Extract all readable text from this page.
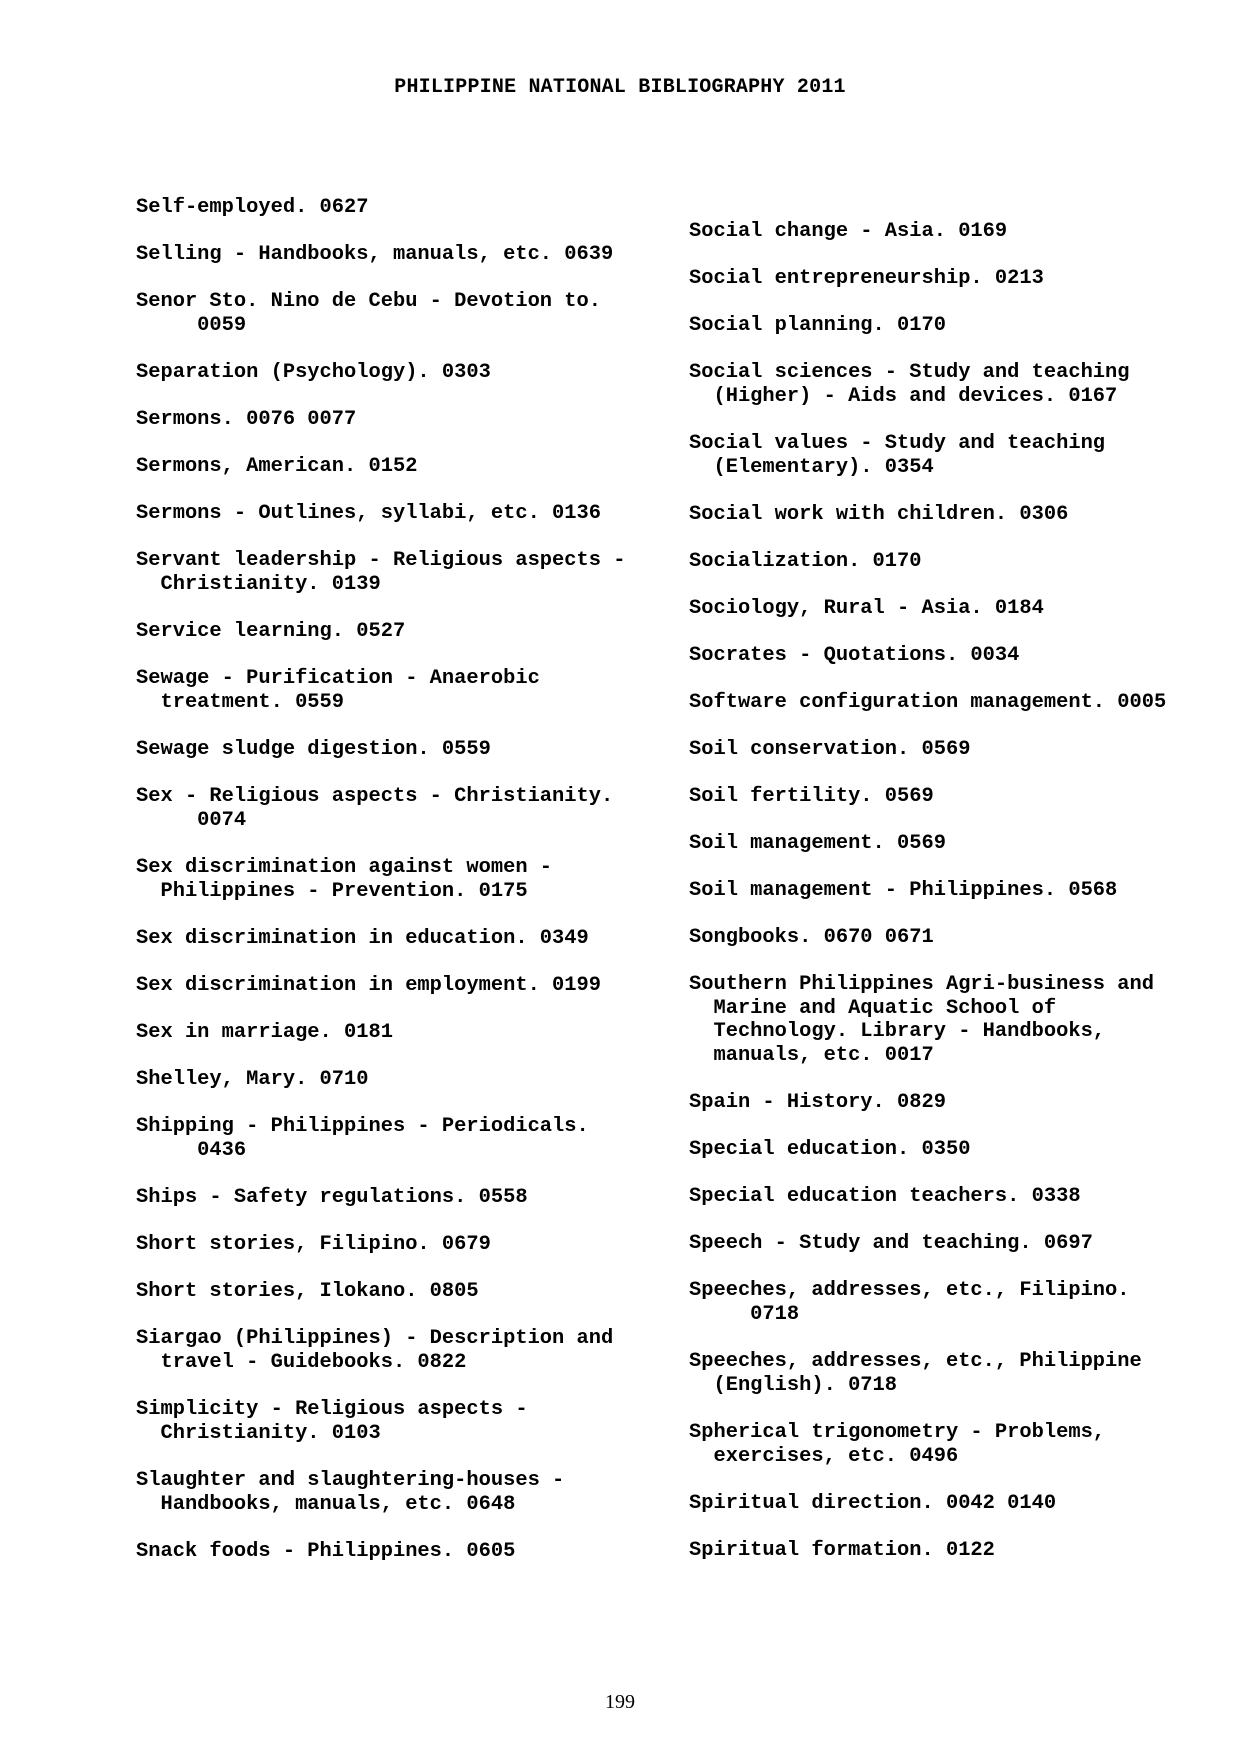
PHILIPPINE NATIONAL BIBLIOGRAPHY 2011
Self-employed. 0627
Selling - Handbooks, manuals, etc. 0639
Senor Sto. Nino de Cebu - Devotion to.
0059
Separation (Psychology). 0303
Sermons. 0076 0077
Sermons, American. 0152
Sermons - Outlines, syllabi, etc. 0136
Servant leadership - Religious aspects -
Christianity. 0139
Service learning. 0527
Sewage - Purification - Anaerobic
treatment. 0559
Sewage sludge digestion. 0559
Sex - Religious aspects - Christianity.
0074
Sex discrimination against women -
Philippines - Prevention. 0175
Sex discrimination in education. 0349
Sex discrimination in employment. 0199
Sex in marriage. 0181
Shelley, Mary. 0710
Shipping - Philippines - Periodicals.
0436
Ships - Safety regulations. 0558
Short stories, Filipino. 0679
Short stories, Ilokano. 0805
Siargao (Philippines) - Description and
travel - Guidebooks. 0822
Simplicity - Religious aspects -
Christianity. 0103
Slaughter and slaughtering-houses -
Handbooks, manuals, etc. 0648
Snack foods - Philippines. 0605
Social change - Asia. 0169
Social entrepreneurship. 0213
Social planning. 0170
Social sciences - Study and teaching
(Higher) - Aids and devices. 0167
Social values - Study and teaching
(Elementary). 0354
Social work with children. 0306
Socialization. 0170
Sociology, Rural - Asia. 0184
Socrates - Quotations. 0034
Software configuration management. 0005
Soil conservation. 0569
Soil fertility. 0569
Soil management. 0569
Soil management - Philippines. 0568
Songbooks. 0670 0671
Southern Philippines Agri-business and
Marine and Aquatic School of
Technology. Library - Handbooks,
manuals, etc. 0017
Spain - History. 0829
Special education. 0350
Special education teachers. 0338
Speech - Study and teaching. 0697
Speeches, addresses, etc., Filipino.
0718
Speeches, addresses, etc., Philippine
(English). 0718
Spherical trigonometry - Problems,
exercises, etc. 0496
Spiritual direction. 0042 0140
Spiritual formation. 0122
199
